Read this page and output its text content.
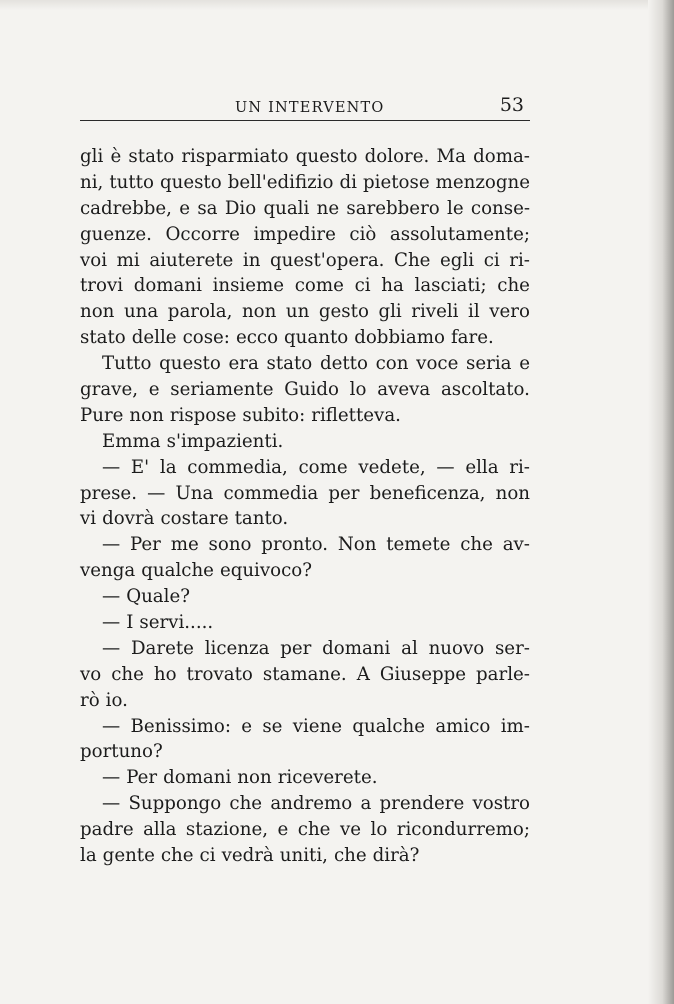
UN INTERVENTO	53
gli è stato risparmiato questo dolore. Ma doma-
ni, tutto questo bell'edifizio di pietose menzogne
cadrebbe, e sa Dio quali ne sarebbero le conse-
guenze. Occorre impedire ciò assolutamente;
voi mi aiuterete in quest'opera. Che egli ci ri-
trovi domani insieme come ci ha lasciati; che
non una parola, non un gesto gli riveli il vero
stato delle cose: ecco quanto dobbiamo fare.
Tutto questo era stato detto con voce seria e
grave, e seriamente Guido lo aveva ascoltato.
Pure non rispose subito: rifletteva.
Emma s'impazienti.
— E' la commedia, come vedete, — ella ri-
prese. — Una commedia per beneficenza, non
vi dovrà costare tanto.
— Per me sono pronto. Non temete che av-
venga qualche equivoco?
— Quale?
— I servi.....
— Darete licenza per domani al nuovo ser-
vo che ho trovato stamane. A Giuseppe parle-
rò io.
— Benissimo: e se viene qualche amico im-
portuno?
— Per domani non riceverete.
— Suppongo che andremo a prendere vostro
padre alla stazione, e che ve lo ricondurremo;
la gente che ci vedrà uniti, che dirà?
